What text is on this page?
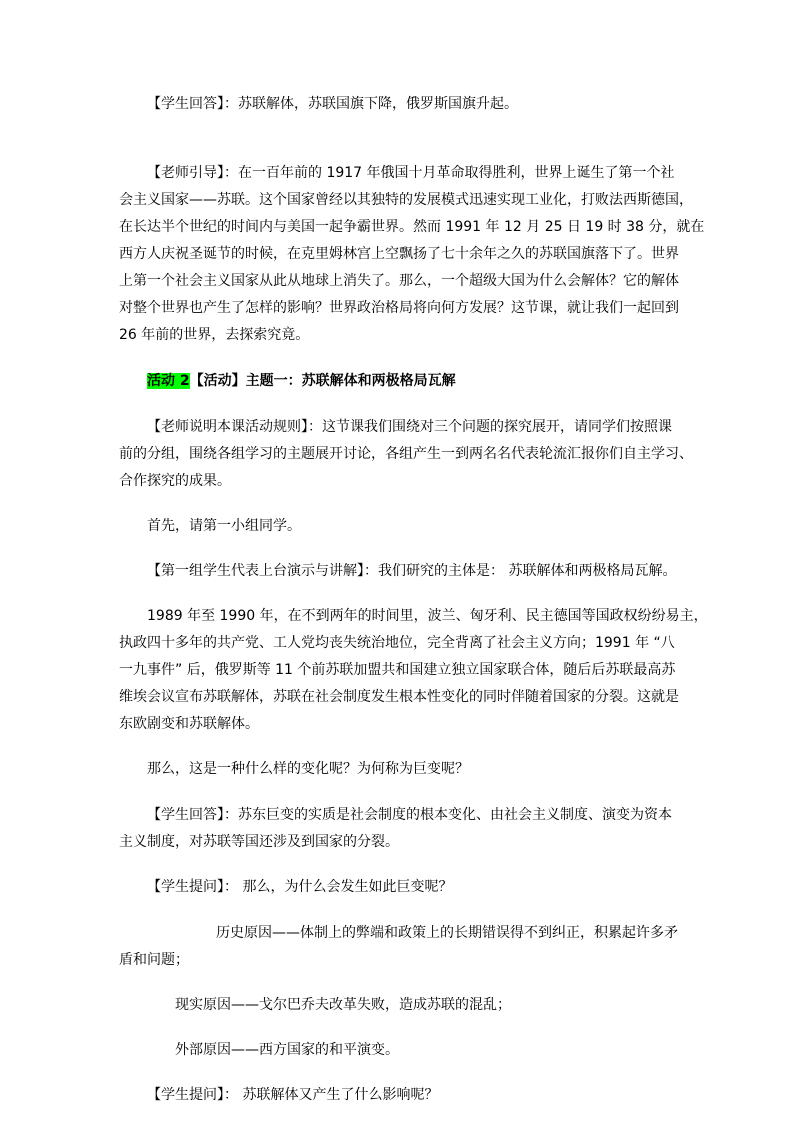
【学生回答】：苏联解体，苏联国旗下降，俄罗斯国旗升起。
【老师引导】：在一百年前的 1917 年俄国十月革命取得胜利，世界上诞生了第一个社
会主义国家——苏联。这个国家曾经以其独特的发展模式迅速实现工业化，打败法西斯德国，
在长达半个世纪的时间内与美国一起争霸世界。然而 1991 年 12 月 25 日 19 时 38 分，就在
西方人庆祝圣诞节的时候，在克里姆林宫上空飘扬了七十余年之久的苏联国旗落下了。世界
上第一个社会主义国家从此从地球上消失了。那么，一个超级大国为什么会解体？它的解体
对整个世界也产生了怎样的影响？世界政治格局将向何方发展？这节课，就让我们一起回到
26 年前的世界，去探索究竟。
活动 2【活动】主题一：苏联解体和两极格局瓦解
【老师说明本课活动规则】：这节课我们围绕对三个问题的探究展开，请同学们按照课
前的分组，围绕各组学习的主题展开讨论，各组产生一到两名名代表轮流汇报你们自主学习、
合作探究的成果。
首先，请第一小组同学。
【第一组学生代表上台演示与讲解】：我们研究的主体是： 苏联解体和两极格局瓦解。
1989 年至 1990 年，在不到两年的时间里，波兰、匈牙利、民主德国等国政权纷纷易主，
执政四十多年的共产党、工人党均丧失统治地位，完全背离了社会主义方向；1991 年 “八
一九事件” 后，俄罗斯等 11 个前苏联加盟共和国建立独立国家联合体，随后后苏联最高苏
维埃会议宣布苏联解体，苏联在社会制度发生根本性变化的同时伴随着国家的分裂。这就是
东欧剧变和苏联解体。
那么，这是一种什么样的变化呢？为何称为巨变呢？
【学生回答】：苏东巨变的实质是社会制度的根本变化、由社会主义制度、演变为资本
主义制度，对苏联等国还涉及到国家的分裂。
【学生提问】： 那么，为什么会发生如此巨变呢？
历史原因——体制上的弊端和政策上的长期错误得不到纠正，积累起许多矛
盾和问题；
现实原因——戈尔巴乔夫改革失败，造成苏联的混乱；
外部原因——西方国家的和平演变。
【学生提问】： 苏联解体又产生了什么影响呢？
